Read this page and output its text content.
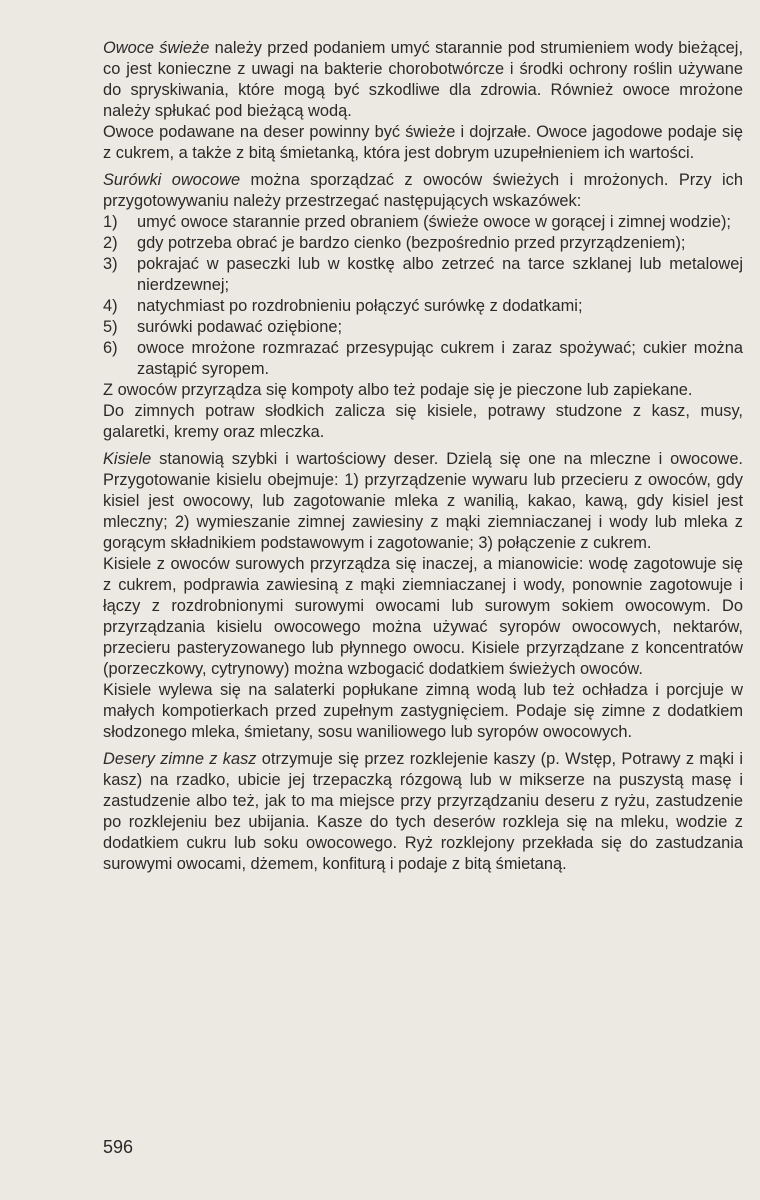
Owoce świeże należy przed podaniem umyć starannie pod strumieniem wody bieżącej, co jest konieczne z uwagi na bakterie chorobotwórcze i środki ochrony roślin używane do spryskiwania, które mogą być szkodliwe dla zdrowia. Również owoce mrożone należy spłukać pod bieżącą wodą.

Owoce podawane na deser powinny być świeże i dojrzałe. Owoce jagodowe podaje się z cukrem, a także z bitą śmietanką, która jest dobrym uzupełnieniem ich wartości.

Surówki owocowe można sporządzać z owoców świeżych i mrożonych. Przy ich przygotowywaniu należy przestrzegać następujących wskazówek:

1) umyć owoce starannie przed obraniem (świeże owoce w gorącej i zimnej wodzie);
2) gdy potrzeba obrać je bardzo cienko (bezpośrednio przed przyrządzeniem);
3) pokrajać w paseczki lub w kostkę albo zetrzeć na tarce szklanej lub metalowej nierdzewnej;
4) natychmiast po rozdrobnieniu połączyć surówkę z dodatkami;
5) surówki podawać oziębione;
6) owoce mrożone rozmrazać przesypując cukrem i zaraz spożywać; cukier można zastąpić syropem.

Z owoców przyrządza się kompoty albo też podaje się je pieczone lub zapiekane.

Do zimnych potraw słodkich zalicza się kisiele, potrawy studzone z kasz, musy, galaretki, kremy oraz mleczka.

Kisiele stanowią szybki i wartościowy deser. Dzielą się one na mleczne i owocowe. Przygotowanie kisielu obejmuje: 1) przyrządzenie wywaru lub przecieru z owoców, gdy kisiel jest owocowy, lub zagotowanie mleka z wanilią, kakao, kawą, gdy kisiel jest mleczny; 2) wymieszanie zimnej zawiesiny z mąki ziemniaczanej i wody lub mleka z gorącym składnikiem podstawowym i zagotowanie; 3) połączenie z cukrem.

Kisiele z owoców surowych przyrządza się inaczej, a mianowicie: wodę zagotowuje się z cukrem, podprawia zawiesiną z mąki ziemniaczanej i wody, ponownie zagotowuje i łączy z rozdrobnionymi surowymi owocami lub surowym sokiem owocowym. Do przyrządzania kisielu owocowego można używać syropów owocowych, nektarów, przecieru pasteryzowanego lub płynnego owocu. Kisiele przyrządzane z koncentratów (porzeczkowy, cytrynowy) można wzbogacić dodatkiem świeżych owoców.

Kisiele wylewa się na salaterki popłukane zimną wodą lub też ochładza i porcjuje w małych kompotierkach przed zupełnym zastygnięciem. Podaje się zimne z dodatkiem słodzonego mleka, śmietany, sosu waniliowego lub syropów owocowych.

Desery zimne z kasz otrzymuje się przez rozklejenie kaszy (p. Wstęp, Potrawy z mąki i kasz) na rzadko, ubicie jej trzepaczką rózgową lub w mikserze na puszystą masę i zastudzenie albo też, jak to ma miejsce przy przyrządzaniu deseru z ryżu, zastudzenie po rozklejeniu bez ubijania. Kasze do tych deserów rozkleja się na mleku, wodzie z dodatkiem cukru lub soku owocowego. Ryż rozklejony przekłada się do zastudzania surowymi owocami, dżemem, konfiturą i podaje z bitą śmietaną.

596
